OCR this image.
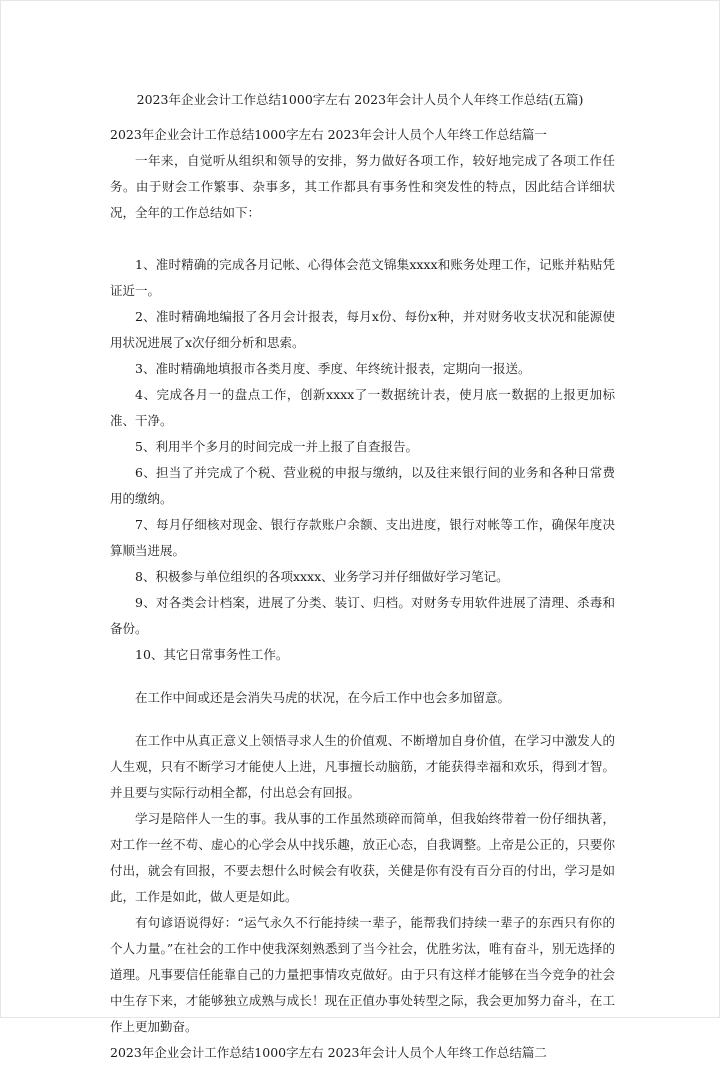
2023年企业会计工作总结1000字左右 2023年会计人员个人年终工作总结(五篇)

2023年企业会计工作总结1000字左右 2023年会计人员个人年终工作总结篇一

一年来，自觉听从组织和领导的安排，努力做好各项工作，较好地完成了各项工作任务。由于财会工作繁事、杂事多，其工作都具有事务性和突发性的特点，因此结合详细状况，全年的工作总结如下：

1、准时精确的完成各月记帐、心得体会范文锦集xxxx和账务处理工作，记账并粘贴凭证近一。

2、准时精确地编报了各月会计报表，每月x份、每份x种，并对财务收支状况和能源使用状况进展了x次仔细分析和思索。

3、准时精确地填报市各类月度、季度、年终统计报表，定期向一报送。

4、完成各月一的盘点工作，创新xxxx了一数据统计表，使月底一数据的上报更加标准、干净。

5、利用半个多月的时间完成一并上报了自查报告。

6、担当了并完成了个税、营业税的申报与缴纳，以及往来银行间的业务和各种日常费用的缴纳。

7、每月仔细核对现金、银行存款账户余额、支出进度，银行对帐等工作，确保年度决算顺当进展。

8、积极参与单位组织的各项xxxx、业务学习并仔细做好学习笔记。

9、对各类会计档案，进展了分类、装订、归档。对财务专用软件进展了清理、杀毒和备份。

10、其它日常事务性工作。

在工作中间或还是会消失马虎的状况，在今后工作中也会多加留意。

在工作中从真正意义上领悟寻求人生的价值观、不断增加自身价值，在学习中激发人的人生观，只有不断学习才能使人上进，凡事擅长动脑筋，才能获得幸福和欢乐，得到才智。并且要与实际行动相全都，付出总会有回报。

学习是陪伴人一生的事。我从事的工作虽然琐碎而简单，但我始终带着一份仔细执著，对工作一丝不苟、虚心的心学会从中找乐趣，放正心态，自我调整。上帝是公正的，只要你付出，就会有回报，不要去想什么时候会有收获，关健是你有没有百分百的付出，学习是如此，工作是如此，做人更是如此。

有句谚语说得好：“运气永久不行能持续一辈子，能帮我们持续一辈子的东西只有你的个人力量。”在社会的工作中使我深刻熟悉到了当今社会，优胜劣汰，唯有奋斗，别无选择的道理。凡事要信任能靠自己的力量把事情攻克做好。由于只有这样才能够在当今竞争的社会中生存下来，才能够独立成熟与成长！现在正值办事处转型之际，我会更加努力奋斗，在工作上更加勤奋。

2023年企业会计工作总结1000字左右 2023年会计人员个人年终工作总结篇二
